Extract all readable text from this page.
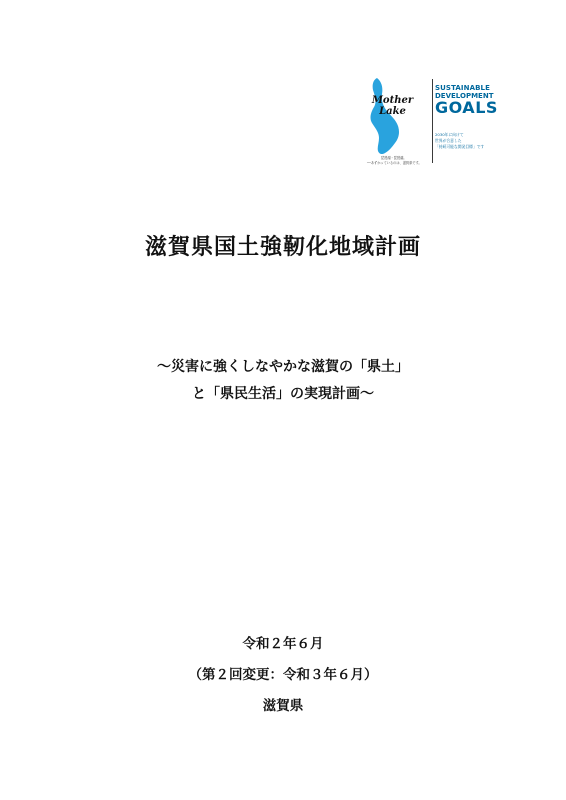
Mother
Lake
琵琶湖・琵琶湖。
──あずかっているのは、滋賀県です。
SUSTAINABLE
DEVELOPMENT
GOALS
2030年に向けて
世界が合意した
「持続可能な開発目標」です
滋賀県国土強靭化地域計画
～災害に強くしなやかな滋賀の「県土」
と「県民生活」の実現計画～
令和２年６月
（第２回変更：令和３年６月）
滋賀県
